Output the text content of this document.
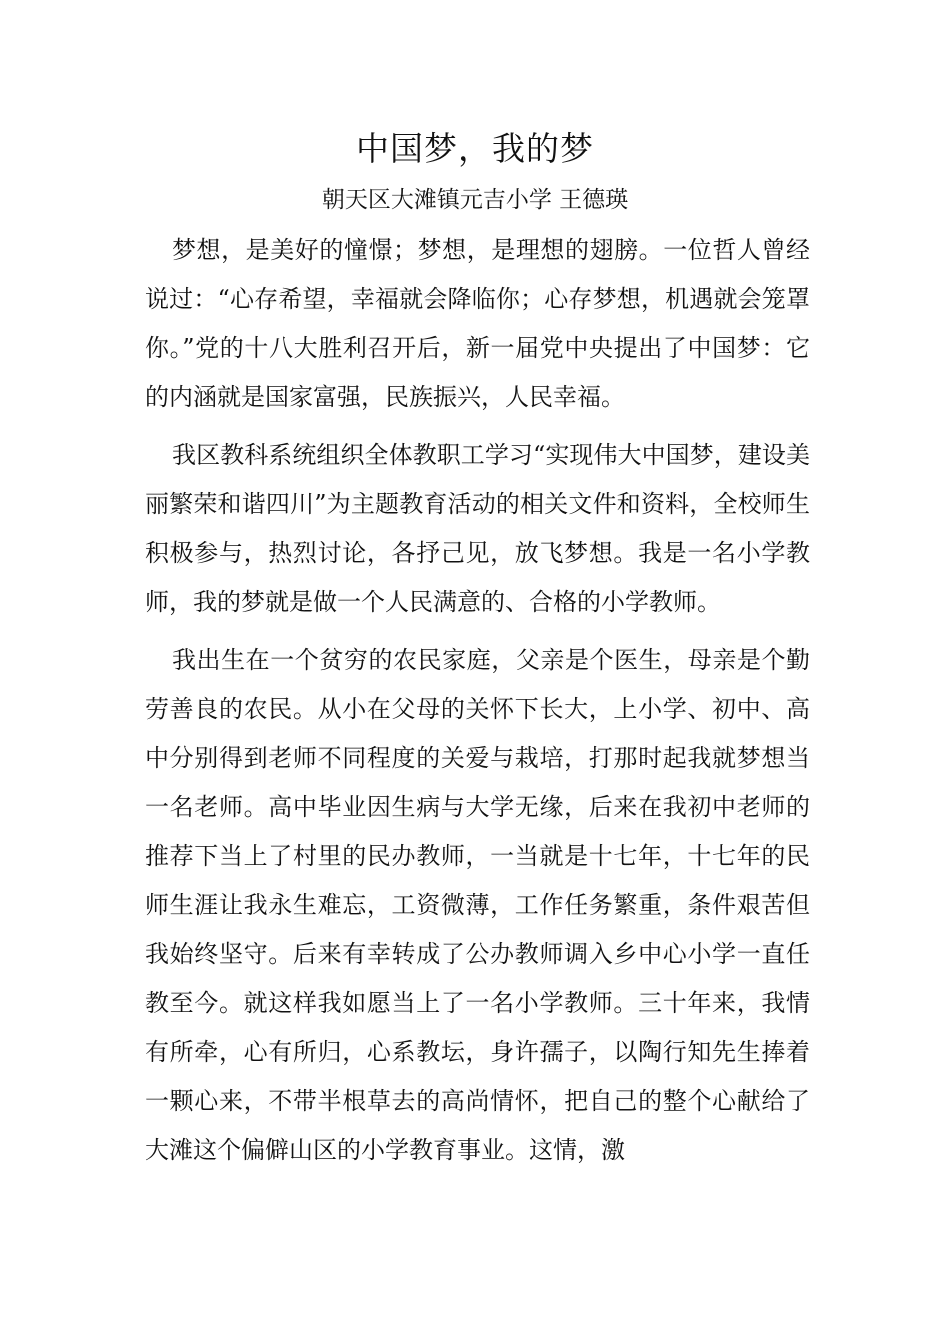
中国梦，我的梦
朝天区大滩镇元吉小学 王德瑛

梦想，是美好的憧憬；梦想，是理想的翅膀。一位哲人曾经说过：“心存希望，幸福就会降临你；心存梦想，机遇就会笼罩你。”党的十八大胜利召开后，新一届党中央提出了中国梦：它的内涵就是国家富强，民族振兴，人民幸福。

我区教科系统组织全体教职工学习“实现伟大中国梦，建设美丽繁荣和谐四川”为主题教育活动的相关文件和资料，全校师生积极参与，热烈讨论，各抒己见，放飞梦想。我是一名小学教师，我的梦就是做一个人民满意的、合格的小学教师。

我出生在一个贫穷的农民家庭，父亲是个医生，母亲是个勤劳善良的农民。从小在父母的关怀下长大，上小学、初中、高中分别得到老师不同程度的关爱与栽培，打那时起我就梦想当一名老师。高中毕业因生病与大学无缘，后来在我初中老师的推荐下当上了村里的民办教师，一当就是十七年，十七年的民师生涯让我永生难忘，工资微薄，工作任务繁重，条件艰苦但我始终坚守。后来有幸转成了公办教师调入乡中心小学一直任教至今。就这样我如愿当上了一名小学教师。三十年来，我情有所牵，心有所归，心系教坛，身许孺子，以陶行知先生捧着一颗心来，不带半根草去的高尚情怀，把自己的整个心献给了大滩这个偏僻山区的小学教育事业。这情，激
